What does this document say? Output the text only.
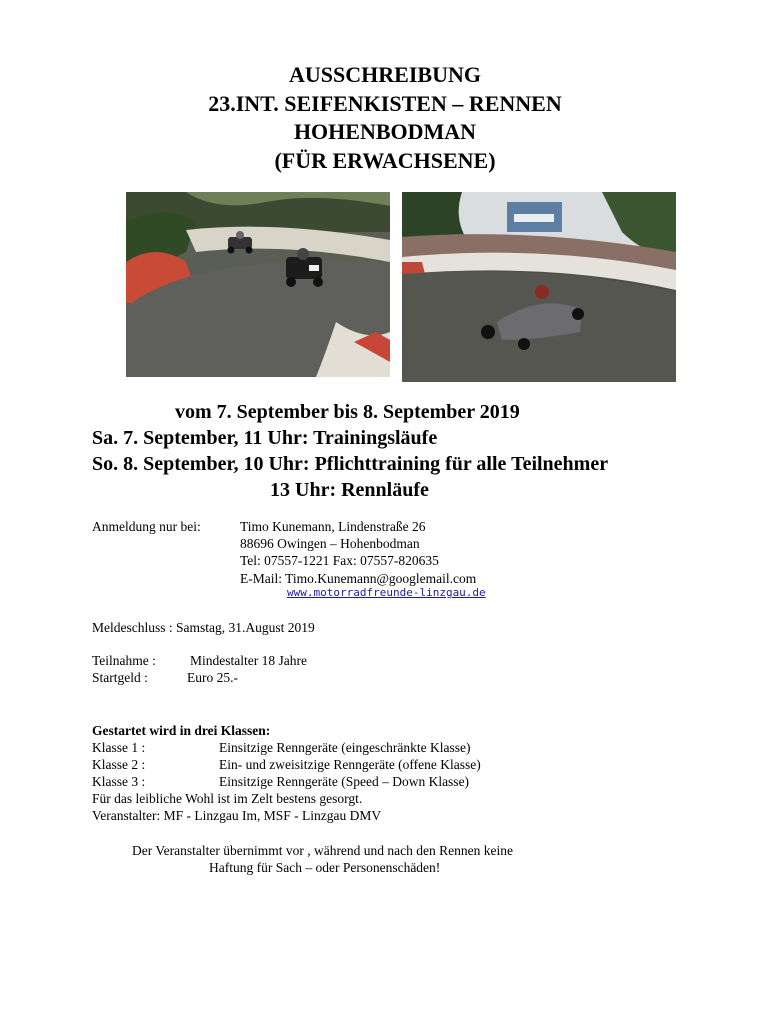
AUSSCHREIBUNG
23.INT. SEIFENKISTEN – RENNEN
HOHENBODMAN
(FÜR ERWACHSENE)
vom 7. September bis 8. September 2019
Sa. 7. September, 11 Uhr: Trainingsläufe
So. 8. September, 10 Uhr: Pflichttraining für alle Teilnehmer
13 Uhr: Rennläufe
Anmeldung nur bei:	Timo Kunemann, Lindenstraße 26
88696 Owingen – Hohenbodman
Tel: 07557-1221 Fax: 07557-820635
E-Mail: Timo.Kunemann@googlemail.com
www.motorradfreunde-linzgau.de
Meldeschluss : Samstag, 31.August 2019
Teilnahme :	Mindestalter 18 Jahre
Startgeld :	Euro 25.-
Gestartet wird in drei Klassen:
Klasse 1 :	Einsitzige Renngeräte (eingeschränkte Klasse)
Klasse 2 :	Ein- und zweisitzige Renngeräte (offene Klasse)
Klasse 3 :	Einsitzige Renngeräte (Speed – Down Klasse)
Für das leibliche Wohl ist im Zelt bestens gesorgt.
Veranstalter: MF - Linzgau Im, MSF - Linzgau DMV
Der Veranstalter übernimmt vor , während und nach den Rennen keine
Haftung für Sach – oder Personenschäden!
